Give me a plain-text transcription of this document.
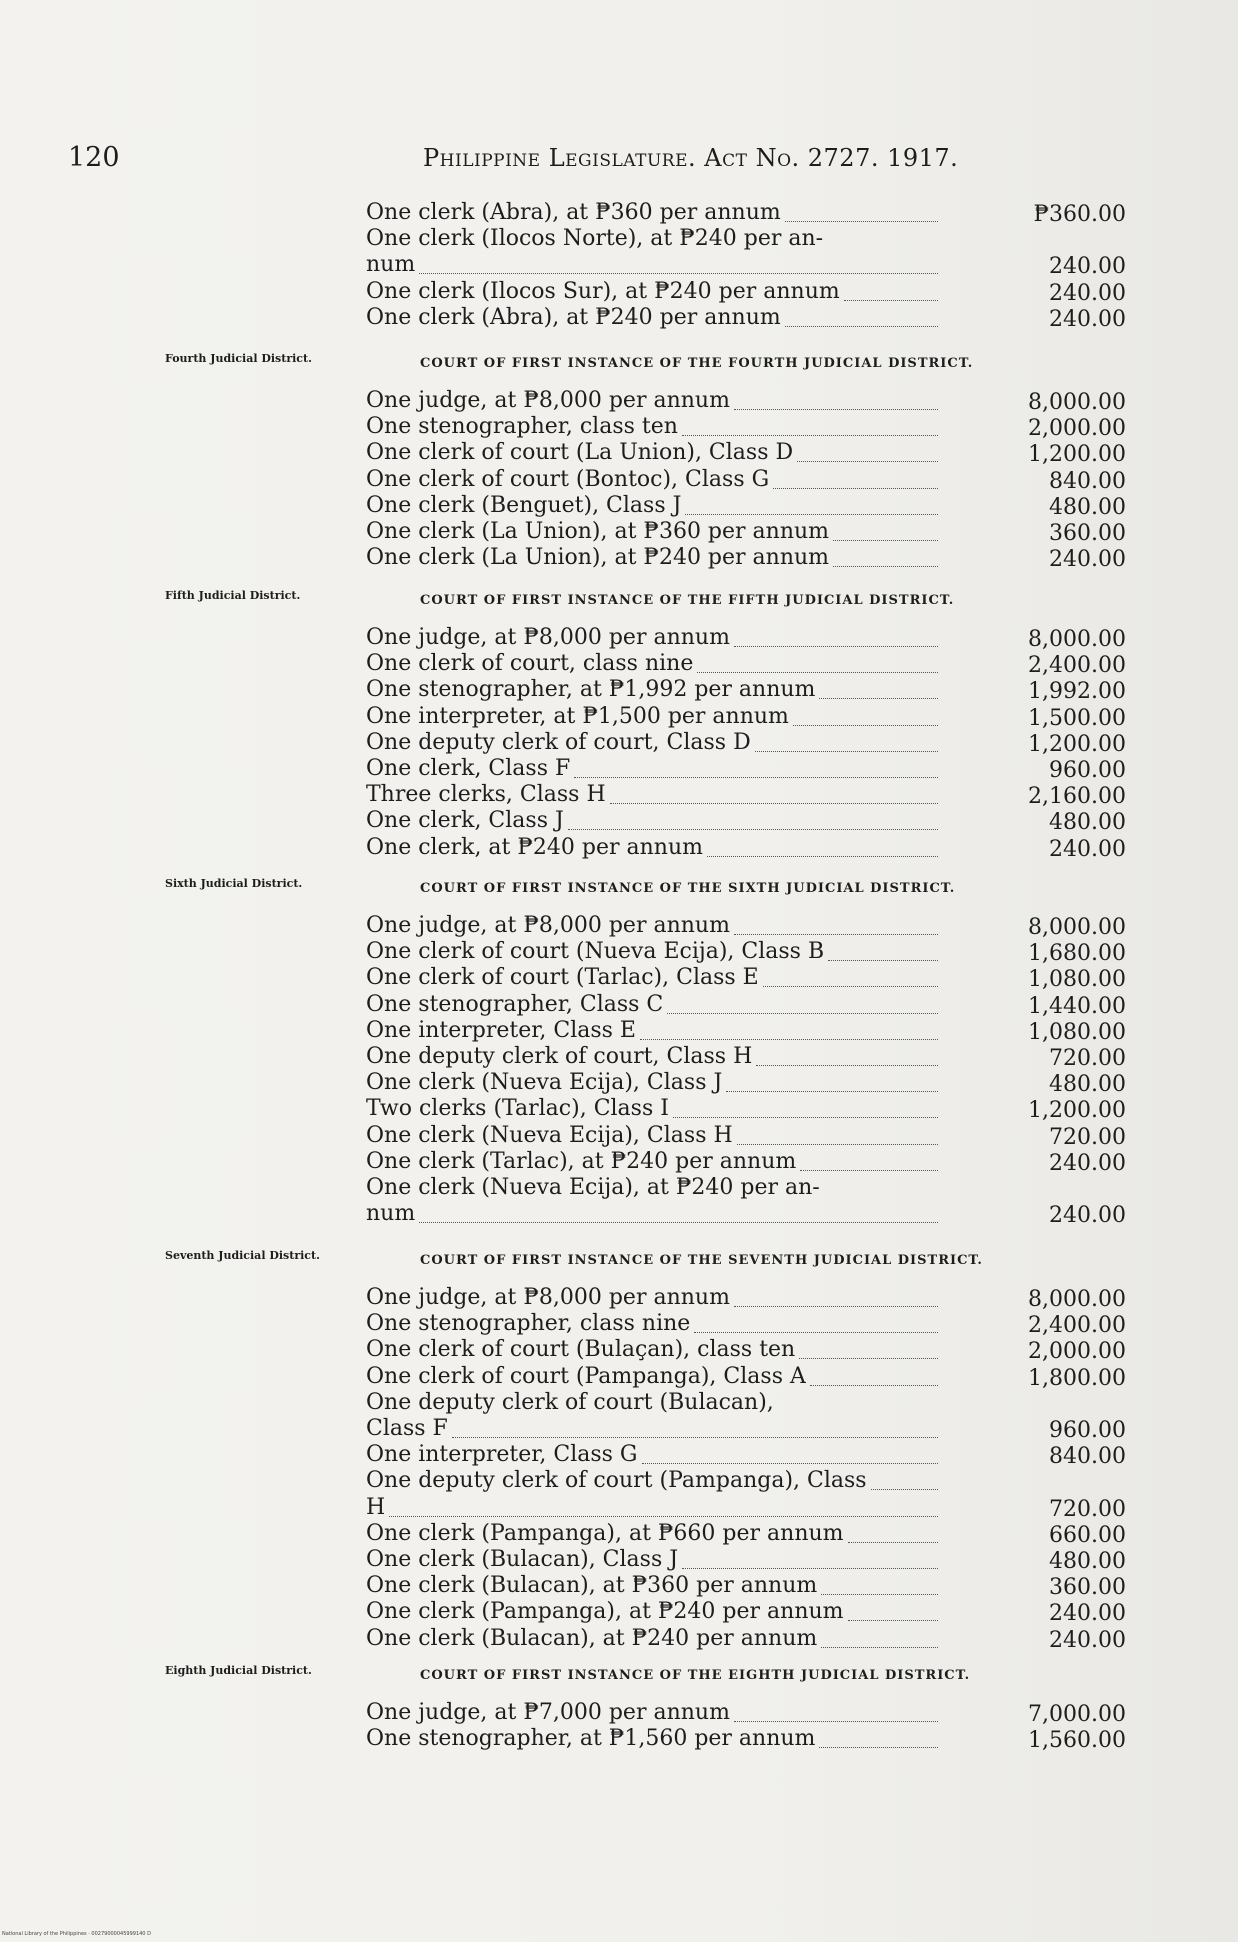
120	Philippine Legislature. Act No. 2727. 1917.
One clerk (Abra), at ₱360 per annum	₱360.00
One clerk (Ilocos Norte), at ₱240 per an-
num	240.00
One clerk (Ilocos Sur), at ₱240 per annum	240.00
One clerk (Abra), at ₱240 per annum	240.00
Fourth Judicial District.	COURT OF FIRST INSTANCE OF THE FOURTH JUDICIAL DISTRICT.
One judge, at ₱8,000 per annum	8,000.00
One stenographer, class ten	2,000.00
One clerk of court (La Union), Class D	1,200.00
One clerk of court (Bontoc), Class G	840.00
One clerk (Benguet), Class J	480.00
One clerk (La Union), at ₱360 per annum	360.00
One clerk (La Union), at ₱240 per annum	240.00
Fifth Judicial District.	COURT OF FIRST INSTANCE OF THE FIFTH JUDICIAL DISTRICT.
One judge, at ₱8,000 per annum	8,000.00
One clerk of court, class nine	2,400.00
One stenographer, at ₱1,992 per annum	1,992.00
One interpreter, at ₱1,500 per annum	1,500.00
One deputy clerk of court, Class D	1,200.00
One clerk, Class F	960.00
Three clerks, Class H	2,160.00
One clerk, Class J	480.00
One clerk, at ₱240 per annum	240.00
Sixth Judicial District.	COURT OF FIRST INSTANCE OF THE SIXTH JUDICIAL DISTRICT.
One judge, at ₱8,000 per annum	8,000.00
One clerk of court (Nueva Ecija), Class B	1,680.00
One clerk of court (Tarlac), Class E	1,080.00
One stenographer, Class C	1,440.00
One interpreter, Class E	1,080.00
One deputy clerk of court, Class H	720.00
One clerk (Nueva Ecija), Class J	480.00
Two clerks (Tarlac), Class I	1,200.00
One clerk (Nueva Ecija), Class H	720.00
One clerk (Tarlac), at ₱240 per annum	240.00
One clerk (Nueva Ecija), at ₱240 per an-
num	240.00
Seventh Judicial District.	COURT OF FIRST INSTANCE OF THE SEVENTH JUDICIAL DISTRICT.
One judge, at ₱8,000 per annum	8,000.00
One stenographer, class nine	2,400.00
One clerk of court (Bulaçan), class ten	2,000.00
One clerk of court (Pampanga), Class A	1,800.00
One deputy clerk of court (Bulacan),
Class F	960.00
One interpreter, Class G	840.00
One deputy clerk of court (Pampanga), Class
H	720.00
One clerk (Pampanga), at ₱660 per annum	660.00
One clerk (Bulacan), Class J	480.00
One clerk (Bulacan), at ₱360 per annum	360.00
One clerk (Pampanga), at ₱240 per annum	240.00
One clerk (Bulacan), at ₱240 per annum	240.00
Eighth Judicial District.	COURT OF FIRST INSTANCE OF THE EIGHTH JUDICIAL DISTRICT.
One judge, at ₱7,000 per annum	7,000.00
One stenographer, at ₱1,560 per annum	1,560.00
National Library of the Philippines · 00279000045999140 D
